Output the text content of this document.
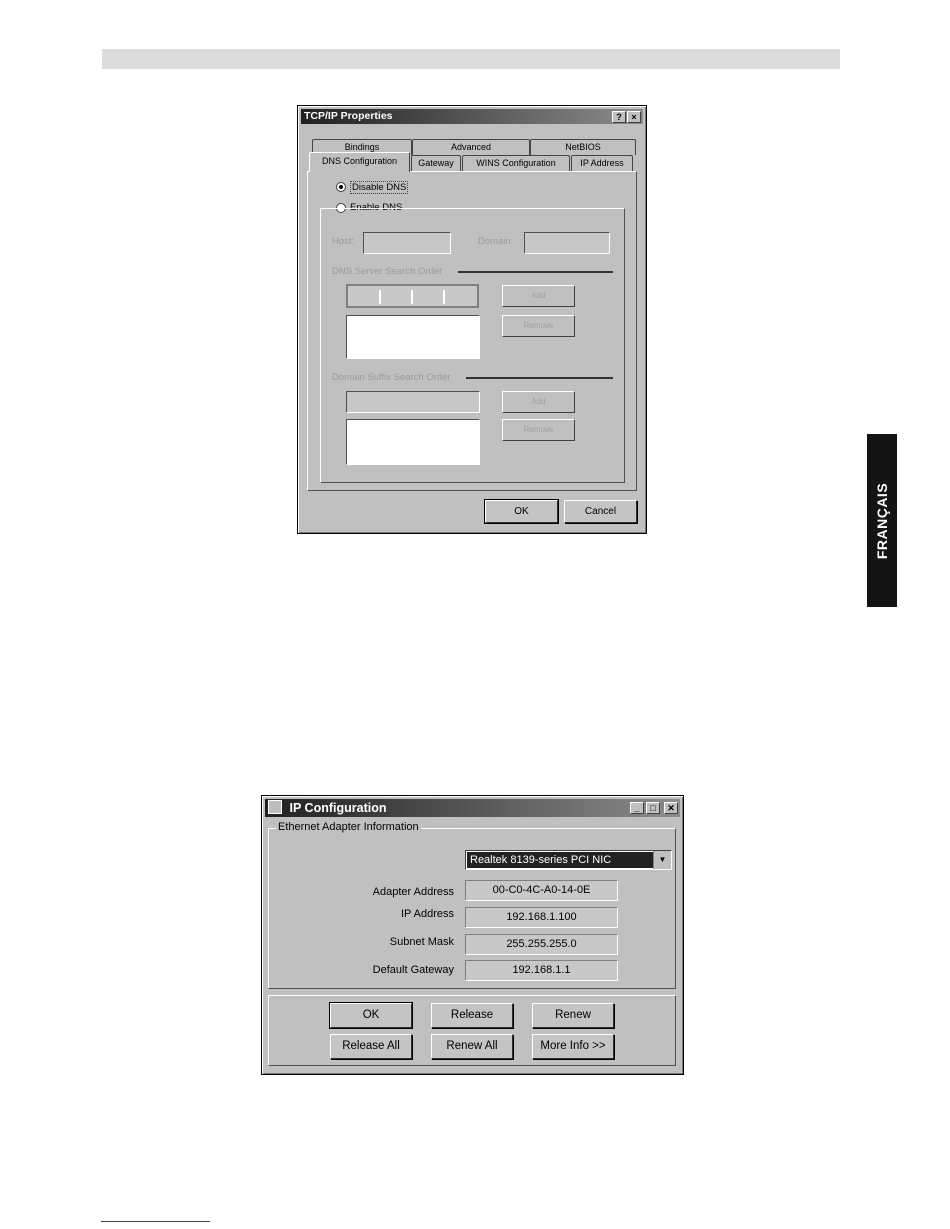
TCP/IP Properties	?	×
Bindings	Advanced	NetBIOS
DNS Configuration	Gateway	WINS Configuration	IP Address
Disable DNS
Enable DNS
Host:	Domain:
DNS Server Search Order
Add
Remove
Domain Suffix Search Order
Add
Remove
OK	Cancel	FRANÇAIS
IP Configuration	_	□	✕
Ethernet Adapter Information
Realtek 8139-series PCI NIC	▼
Adapter Address	00-C0-4C-A0-14-0E
IP Address	192.168.1.100
Subnet Mask	255.255.255.0
Default Gateway	192.168.1.1
OK	Release	Renew
Release All	Renew All	More Info >>
